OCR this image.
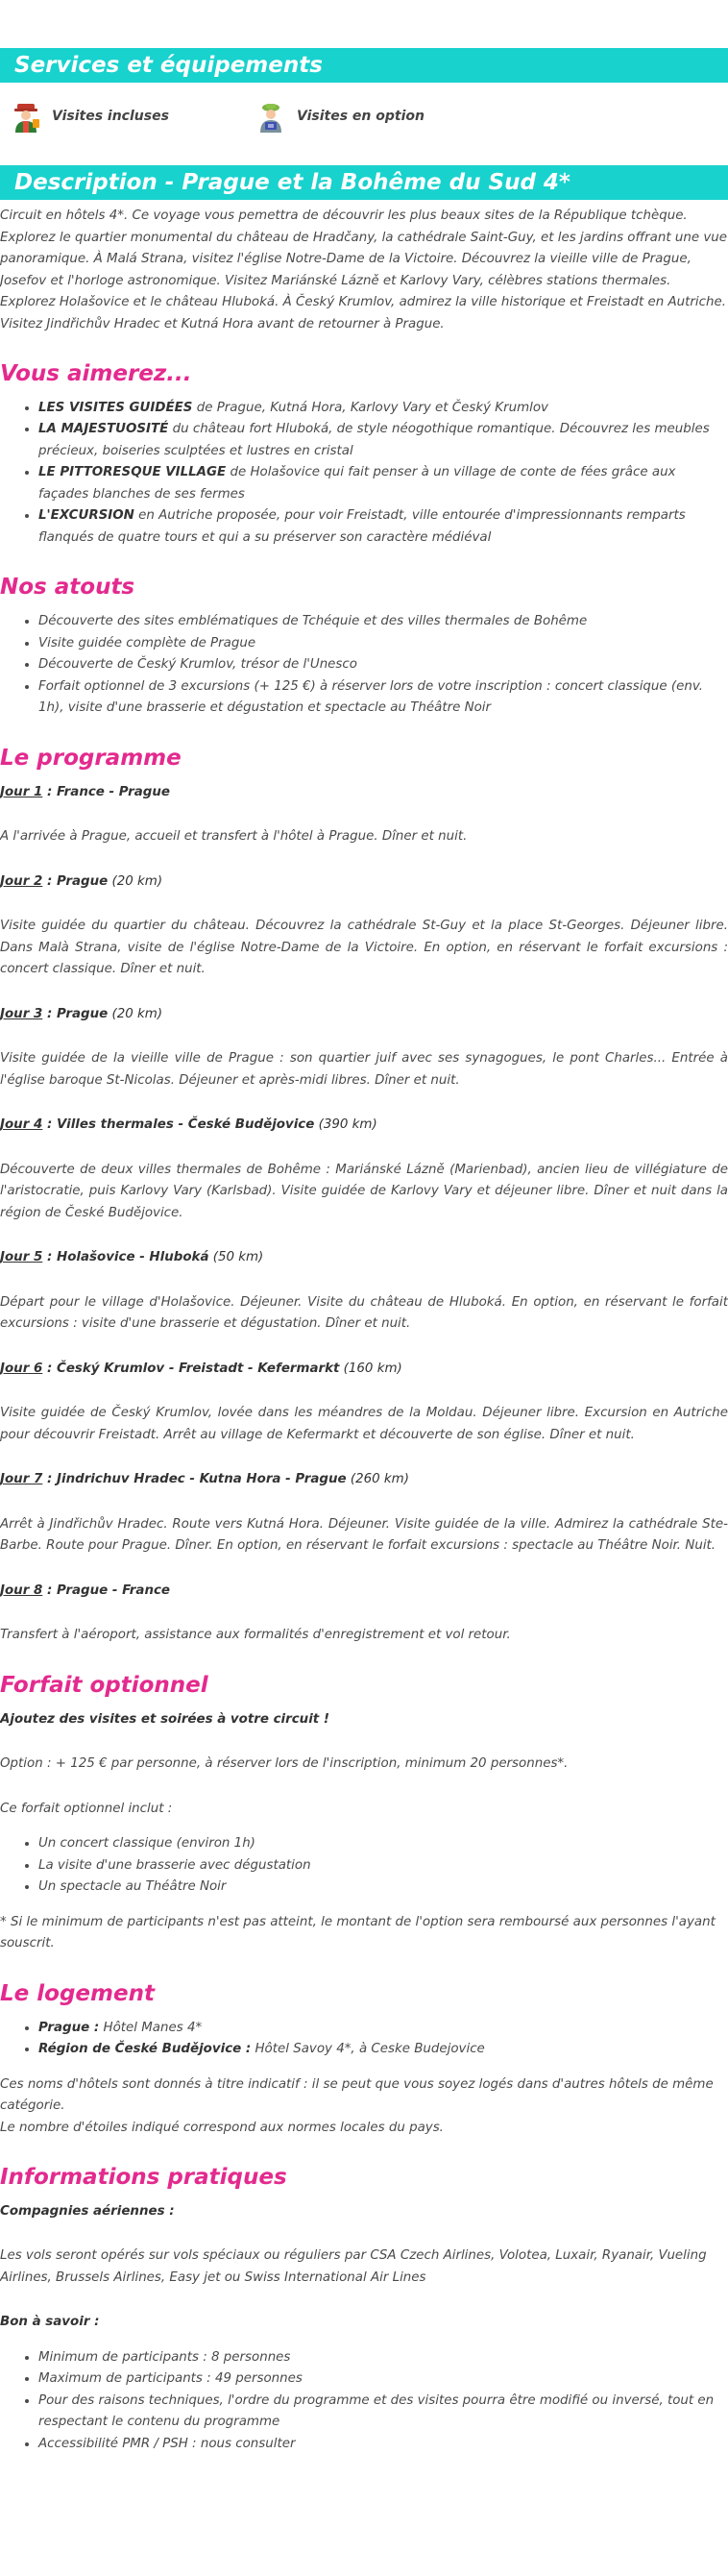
Services et équipements
Visites incluses	Visites en option
Description - Prague et la Bohême du Sud 4*

Circuit en hôtels 4*. Ce voyage vous pemettra de découvrir les plus beaux sites de la République tchèque. Explorez le quartier monumental du château de Hradčany, la cathédrale Saint-Guy, et les jardins offrant une vue panoramique. À Malá Strana, visitez l'église Notre-Dame de la Victoire. Découvrez la vieille ville de Prague, Josefov et l'horloge astronomique. Visitez Mariánské Lázně et Karlovy Vary, célèbres stations thermales. Explorez Holašovice et le château Hluboká. À Český Krumlov, admirez la ville historique et Freistadt en Autriche. Visitez Jindřichův Hradec et Kutná Hora avant de retourner à Prague.

Vous aimerez...
• LES VISITES GUIDÉES de Prague, Kutná Hora, Karlovy Vary et Český Krumlov
• LA MAJESTUOSITÉ du château fort Hluboká, de style néogothique romantique. Découvrez les meubles précieux, boiseries sculptées et lustres en cristal
• LE PITTORESQUE VILLAGE de Holašovice qui fait penser à un village de conte de fées grâce aux façades blanches de ses fermes
• L'EXCURSION en Autriche proposée, pour voir Freistadt, ville entourée d'impressionnants remparts flanqués de quatre tours et qui a su préserver son caractère médiéval
Nos atouts
• Découverte des sites emblématiques de Tchéquie et des villes thermales de Bohême
• Visite guidée complète de Prague
• Découverte de Český Krumlov, trésor de l'Unesco
• Forfait optionnel de 3 excursions (+ 125 €) à réserver lors de votre inscription : concert classique (env. 1h), visite d'une brasserie et dégustation et spectacle au Théâtre Noir
Le programme

Jour 1 : France - Prague

A l'arrivée à Prague, accueil et transfert à l'hôtel à Prague. Dîner et nuit.

Jour 2 : Prague (20 km)

Visite guidée du quartier du château. Découvrez la cathédrale St-Guy et la place St-Georges. Déjeuner libre. Dans Malà Strana, visite de l'église Notre-Dame de la Victoire. En option, en réservant le forfait excursions : concert classique. Dîner et nuit.

Jour 3 : Prague (20 km)

Visite guidée de la vieille ville de Prague : son quartier juif avec ses synagogues, le pont Charles... Entrée à l'église baroque St-Nicolas. Déjeuner et après-midi libres. Dîner et nuit.

Jour 4 : Villes thermales - České Budějovice (390 km)

Découverte de deux villes thermales de Bohême : Mariánské Lázně (Marienbad), ancien lieu de villégiature de l'aristocratie, puis Karlovy Vary (Karlsbad). Visite guidée de Karlovy Vary et déjeuner libre. Dîner et nuit dans la région de České Budějovice.

Jour 5 : Holašovice - Hluboká (50 km)

Départ pour le village d'Holašovice. Déjeuner. Visite du château de Hluboká. En option, en réservant le forfait excursions : visite d'une brasserie et dégustation. Dîner et nuit.

Jour 6 : Český Krumlov - Freistadt - Kefermarkt (160 km)

Visite guidée de Český Krumlov, lovée dans les méandres de la Moldau. Déjeuner libre. Excursion en Autriche pour découvrir Freistadt. Arrêt au village de Kefermarkt et découverte de son église. Dîner et nuit.

Jour 7 : Jindrichuv Hradec - Kutna Hora - Prague (260 km)

Arrêt à Jindřichův Hradec. Route vers Kutná Hora. Déjeuner. Visite guidée de la ville. Admirez la cathédrale Ste-Barbe. Route pour Prague. Dîner. En option, en réservant le forfait excursions : spectacle au Théâtre Noir. Nuit.

Jour 8 : Prague - France

Transfert à l'aéroport, assistance aux formalités d'enregistrement et vol retour.

Forfait optionnel

Ajoutez des visites et soirées à votre circuit !

Option : + 125 € par personne, à réserver lors de l'inscription, minimum 20 personnes*.

Ce forfait optionnel inclut :

• Un concert classique (environ 1h)
• La visite d'une brasserie avec dégustation
• Un spectacle au Théâtre Noir

* Si le minimum de participants n'est pas atteint, le montant de l'option sera remboursé aux personnes l'ayant souscrit.

Le logement
• Prague : Hôtel Manes 4*
• Région de České Budějovice : Hôtel Savoy 4*, à Ceske Budejovice

Ces noms d'hôtels sont donnés à titre indicatif : il se peut que vous soyez logés dans d'autres hôtels de même catégorie.

Le nombre d'étoiles indiqué correspond aux normes locales du pays.

Informations pratiques

Compagnies aériennes :

Les vols seront opérés sur vols spéciaux ou réguliers par CSA Czech Airlines, Volotea, Luxair, Ryanair, Vueling Airlines, Brussels Airlines, Easy jet ou Swiss International Air Lines

Bon à savoir :

• Minimum de participants : 8 personnes
• Maximum de participants : 49 personnes
• Pour des raisons techniques, l'ordre du programme et des visites pourra être modifié ou inversé, tout en respectant le contenu du programme
• Accessibilité PMR / PSH : nous consulter
